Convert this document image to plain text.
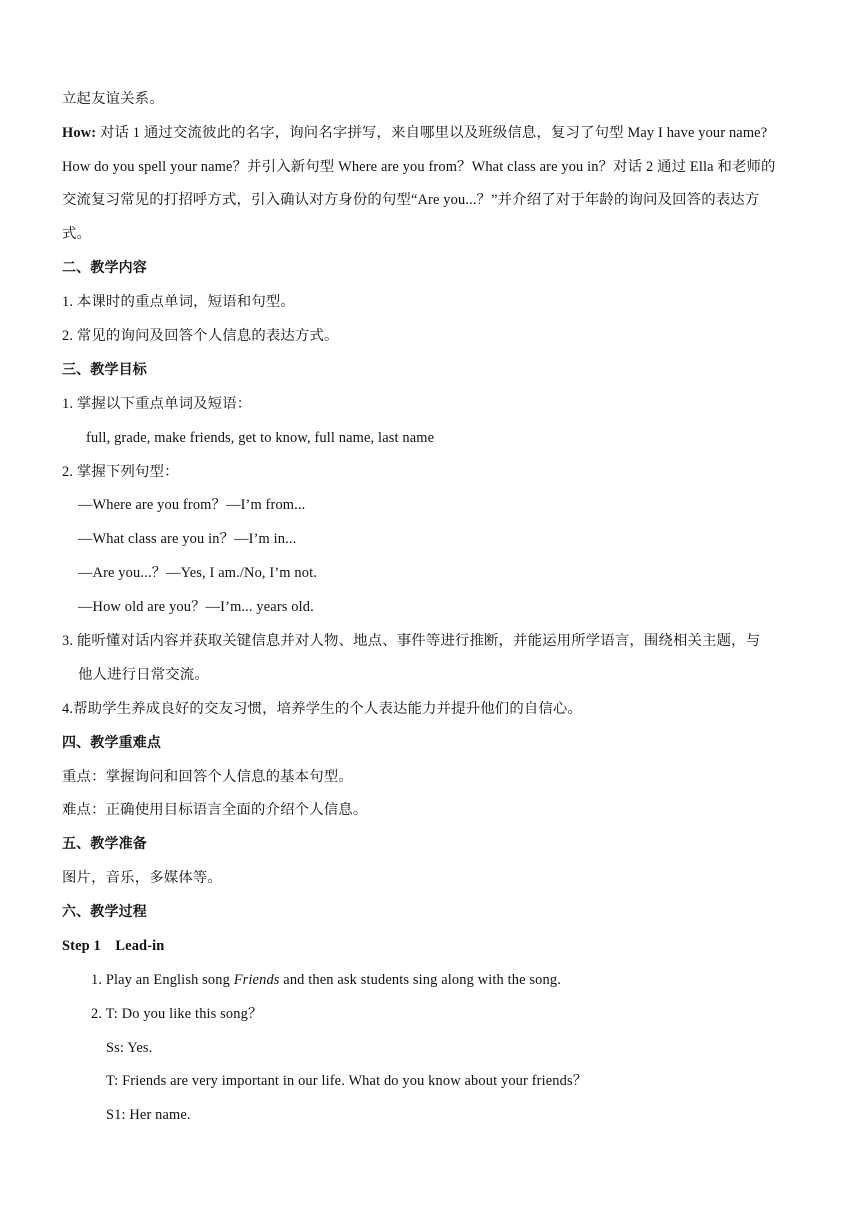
立起友谊关系。
How: 对话 1 通过交流彼此的名字，询问名字拼写，来自哪里以及班级信息，复习了句型 May I have your name?
How do you spell your name？并引入新句型 Where are you from？What class are you in？对话 2 通过 Ella 和老师的
交流复习常见的打招呼方式，引入确认对方身份的句型“Are you...？”并介绍了对于年龄的询问及回答的表达方
式。
二、教学内容
1. 本课时的重点单词，短语和句型。
2. 常见的询问及回答个人信息的表达方式。
三、教学目标
1. 掌握以下重点单词及短语：
full, grade, make friends, get to know, full name, last name
2. 掌握下列句型：
—Where are you from？—I’m from...
—What class are you in？—I’m in...
—Are you...？—Yes, I am./No, I’m not.
—How old are you？—I’m... years old.
3. 能听懂对话内容并获取关键信息并对人物、地点、事件等进行推断，并能运用所学语言，围绕相关主题，与
他人进行日常交流。
4.帮助学生养成良好的交友习惯，培养学生的个人表达能力并提升他们的自信心。
四、教学重难点
重点：掌握询问和回答个人信息的基本句型。
难点：正确使用目标语言全面的介绍个人信息。
五、教学准备
图片，音乐，多媒体等。
六、教学过程
Step 1　Lead-in
1. Play an English song Friends and then ask students sing along with the song.
2. T: Do you like this song？
Ss: Yes.
T: Friends are very important in our life. What do you know about your friends？
S1: Her name.
